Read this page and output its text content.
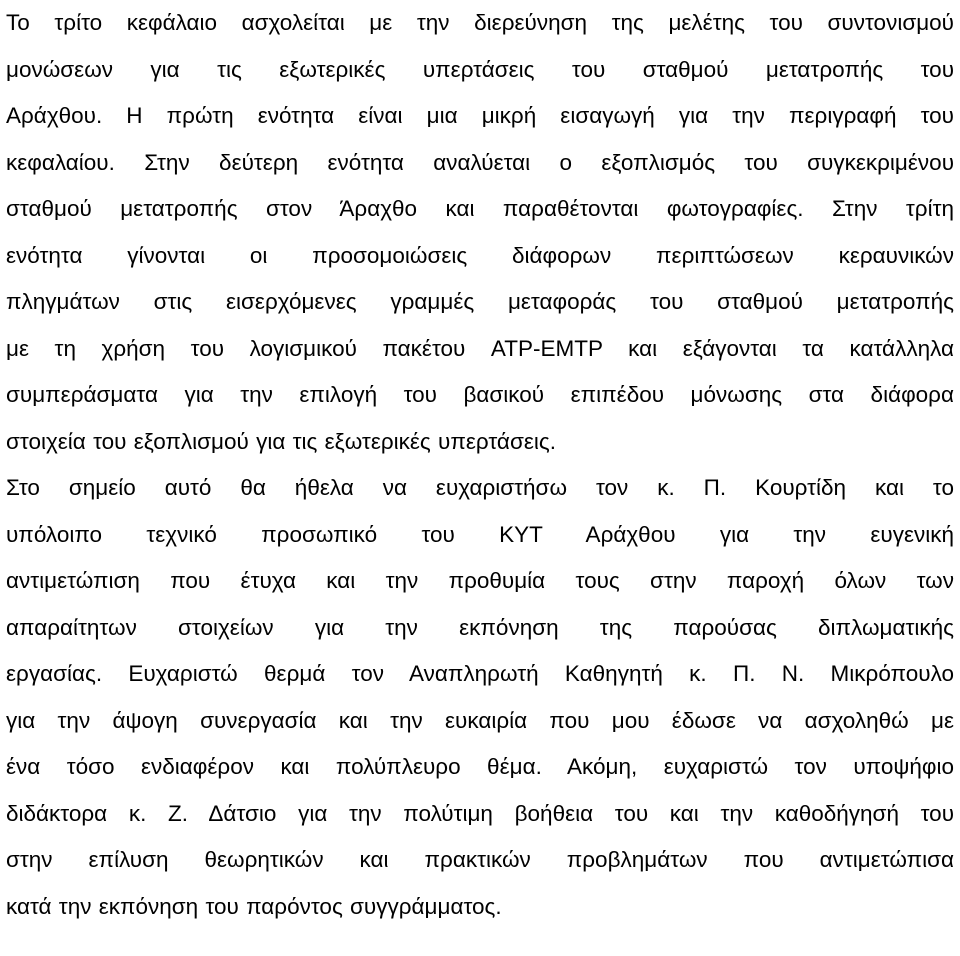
Το τρίτο κεφάλαιο ασχολείται με την διερεύνηση της μελέτης του συντονισμού
μονώσεων για τις εξωτερικές υπερτάσεις του σταθμού μετατροπής του
Αράχθου. Η πρώτη ενότητα είναι μια μικρή εισαγωγή για την περιγραφή του
κεφαλαίου. Στην δεύτερη ενότητα αναλύεται ο εξοπλισμός του συγκεκριμένου
σταθμού μετατροπής στον Άραχθο και παραθέτονται φωτογραφίες. Στην τρίτη
ενότητα γίνονται οι προσομοιώσεις διάφορων περιπτώσεων κεραυνικών
πληγμάτων στις εισερχόμενες γραμμές μεταφοράς του σταθμού μετατροπής
με τη χρήση του λογισμικού πακέτου ATP-EMTP και εξάγονται τα κατάλληλα
συμπεράσματα για την επιλογή του βασικού επιπέδου μόνωσης στα διάφορα
στοιχεία του εξοπλισμού για τις εξωτερικές υπερτάσεις.
Στο σημείο αυτό θα ήθελα να ευχαριστήσω τον κ. Π. Κουρτίδη και το
υπόλοιπο τεχνικό προσωπικό του ΚΥΤ Αράχθου για την ευγενική
αντιμετώπιση που έτυχα και την προθυμία τους στην παροχή όλων των
απαραίτητων στοιχείων για την εκπόνηση της παρούσας διπλωματικής
εργασίας. Ευχαριστώ θερμά τον Αναπληρωτή Καθηγητή κ. Π. Ν. Μικρόπουλο
για την άψογη συνεργασία και την ευκαιρία που μου έδωσε να ασχοληθώ με
ένα τόσο ενδιαφέρον και πολύπλευρο θέμα. Ακόμη, ευχαριστώ τον υποψήφιο
διδάκτορα κ. Ζ. Δάτσιο για την πολύτιμη βοήθεια του και την καθοδήγησή του
στην επίλυση θεωρητικών και πρακτικών προβλημάτων που αντιμετώπισα
κατά την εκπόνηση του παρόντος συγγράμματος.
